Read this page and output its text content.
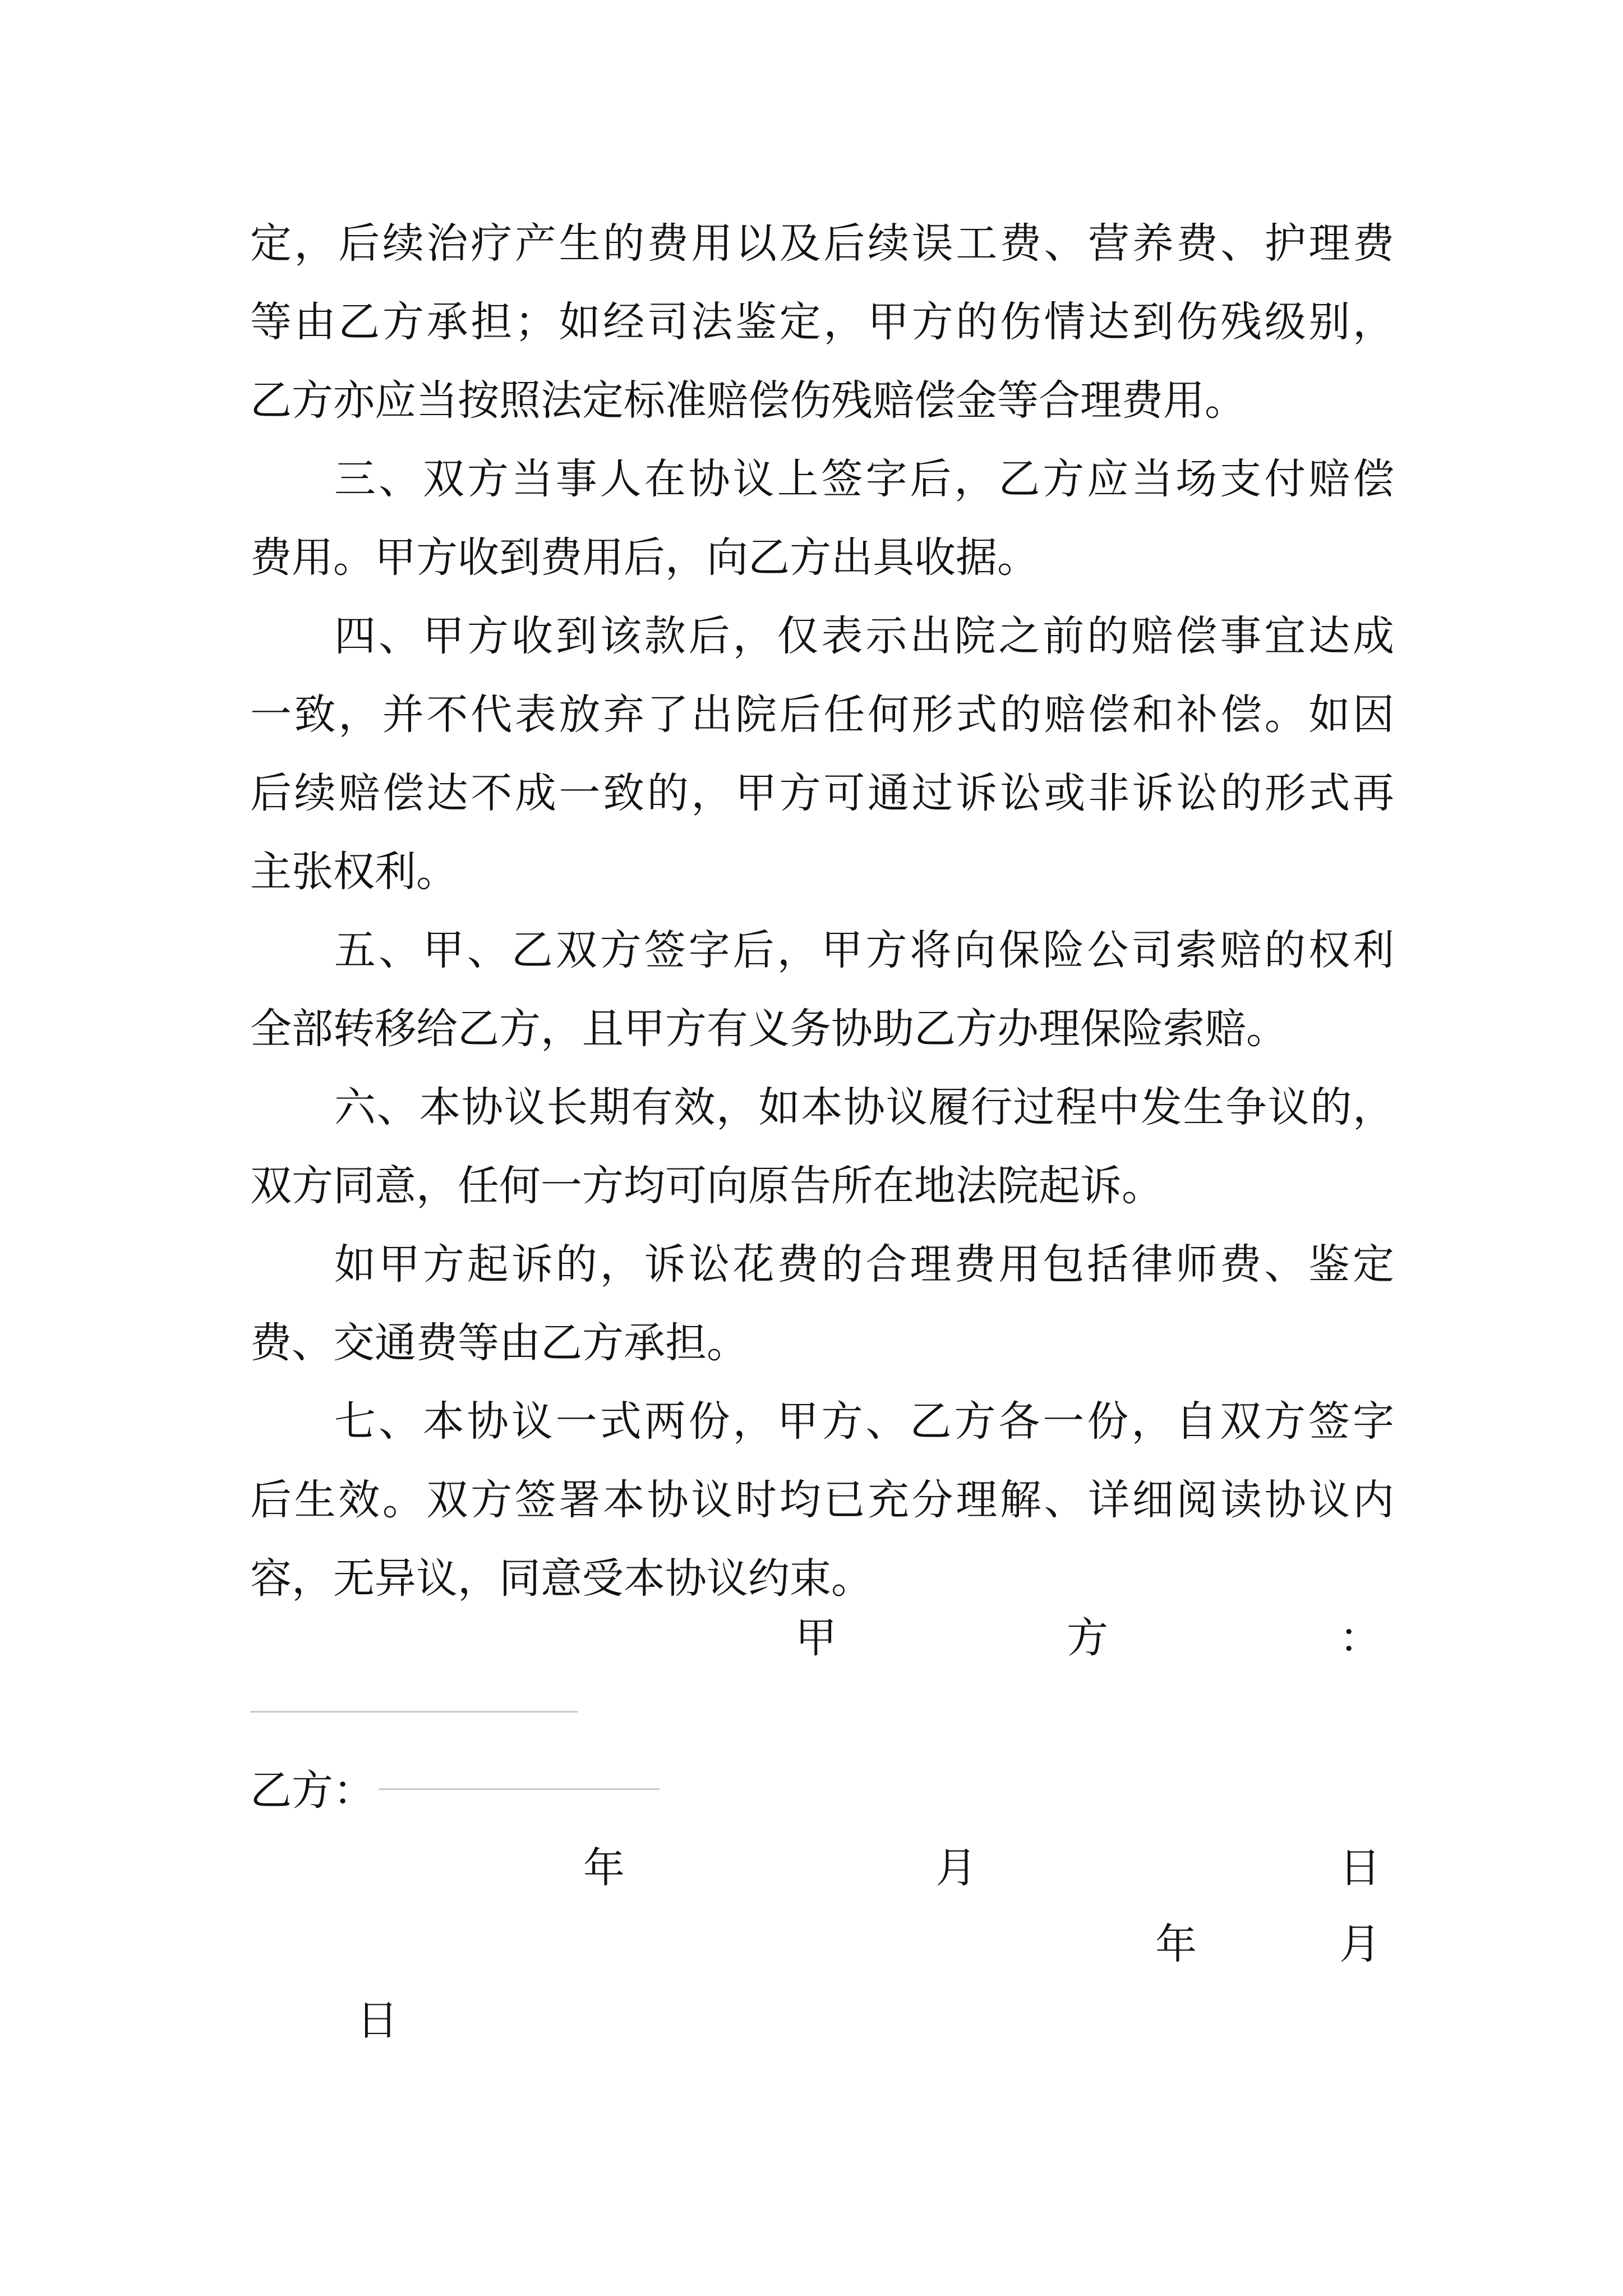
定，后续治疗产生的费用以及后续误工费、营养费、护理费
等由乙方承担；如经司法鉴定，甲方的伤情达到伤残级别，
乙方亦应当按照法定标准赔偿伤残赔偿金等合理费用。
三、双方当事人在协议上签字后，乙方应当场支付赔偿
费用。甲方收到费用后，向乙方出具收据。
四、甲方收到该款后，仅表示出院之前的赔偿事宜达成
一致，并不代表放弃了出院后任何形式的赔偿和补偿。如因
后续赔偿达不成一致的，甲方可通过诉讼或非诉讼的形式再
主张权利。
五、甲、乙双方签字后，甲方将向保险公司索赔的权利
全部转移给乙方，且甲方有义务协助乙方办理保险索赔。
六、本协议长期有效，如本协议履行过程中发生争议的，
双方同意，任何一方均可向原告所在地法院起诉。
如甲方起诉的，诉讼花费的合理费用包括律师费、鉴定
费、交通费等由乙方承担。
七、本协议一式两份，甲方、乙方各一份，自双方签字
后生效。双方签署本协议时均已充分理解、详细阅读协议内
容，无异议，同意受本协议约束。
甲	方	：
乙方：
年	月	日
年	月
日
